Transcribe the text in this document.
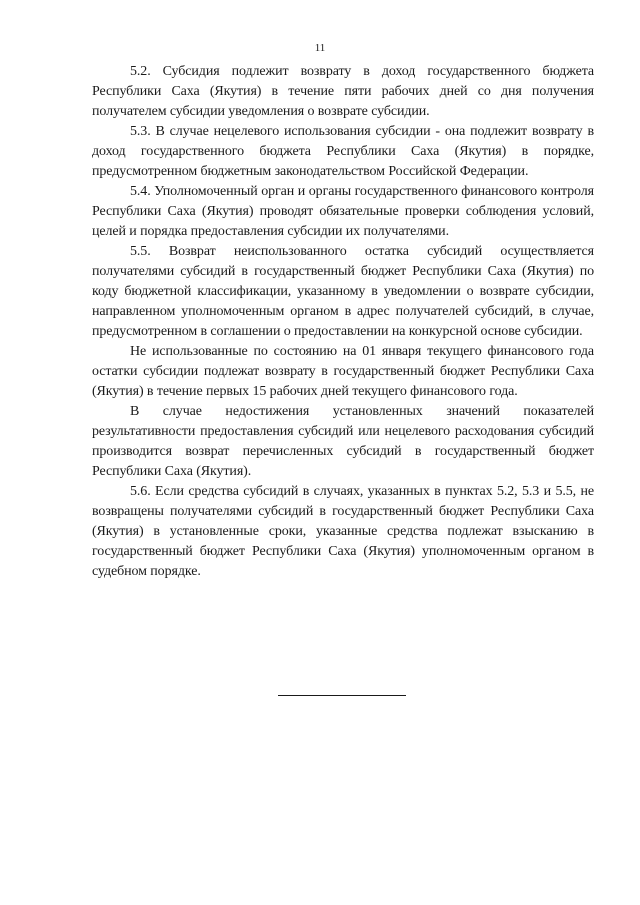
11

5.2. Субсидия подлежит возврату в доход государственного бюджета Республики Саха (Якутия) в течение пяти рабочих дней со дня получения получателем субсидии уведомления о возврате субсидии.

5.3. В случае нецелевого использования субсидии - она подлежит возврату в доход государственного бюджета Республики Саха (Якутия) в порядке, предусмотренном бюджетным законодательством Российской Федерации.

5.4. Уполномоченный орган и органы государственного финансового контроля Республики Саха (Якутия) проводят обязательные проверки соблюдения условий, целей и порядка предоставления субсидии их получателями.

5.5. Возврат неиспользованного остатка субсидий осуществляется получателями субсидий в государственный бюджет Республики Саха (Якутия) по коду бюджетной классификации, указанному в уведомлении о возврате субсидии, направленном уполномоченным органом в адрес получателей субсидий, в случае, предусмотренном в соглашении о предоставлении на конкурсной основе субсидии.

Не использованные по состоянию на 01 января текущего финансового года остатки субсидии подлежат возврату в государственный бюджет Республики Саха (Якутия) в течение первых 15 рабочих дней текущего финансового года.

В случае недостижения установленных значений показателей результативности предоставления субсидий или нецелевого расходования субсидий производится возврат перечисленных субсидий в государственный бюджет Республики Саха (Якутия).

5.6. Если средства субсидий в случаях, указанных в пунктах 5.2, 5.3 и 5.5, не возвращены получателями субсидий в государственный бюджет Республики Саха (Якутия) в установленные сроки, указанные средства подлежат взысканию в государственный бюджет Республики Саха (Якутия) уполномоченным органом в судебном порядке.
